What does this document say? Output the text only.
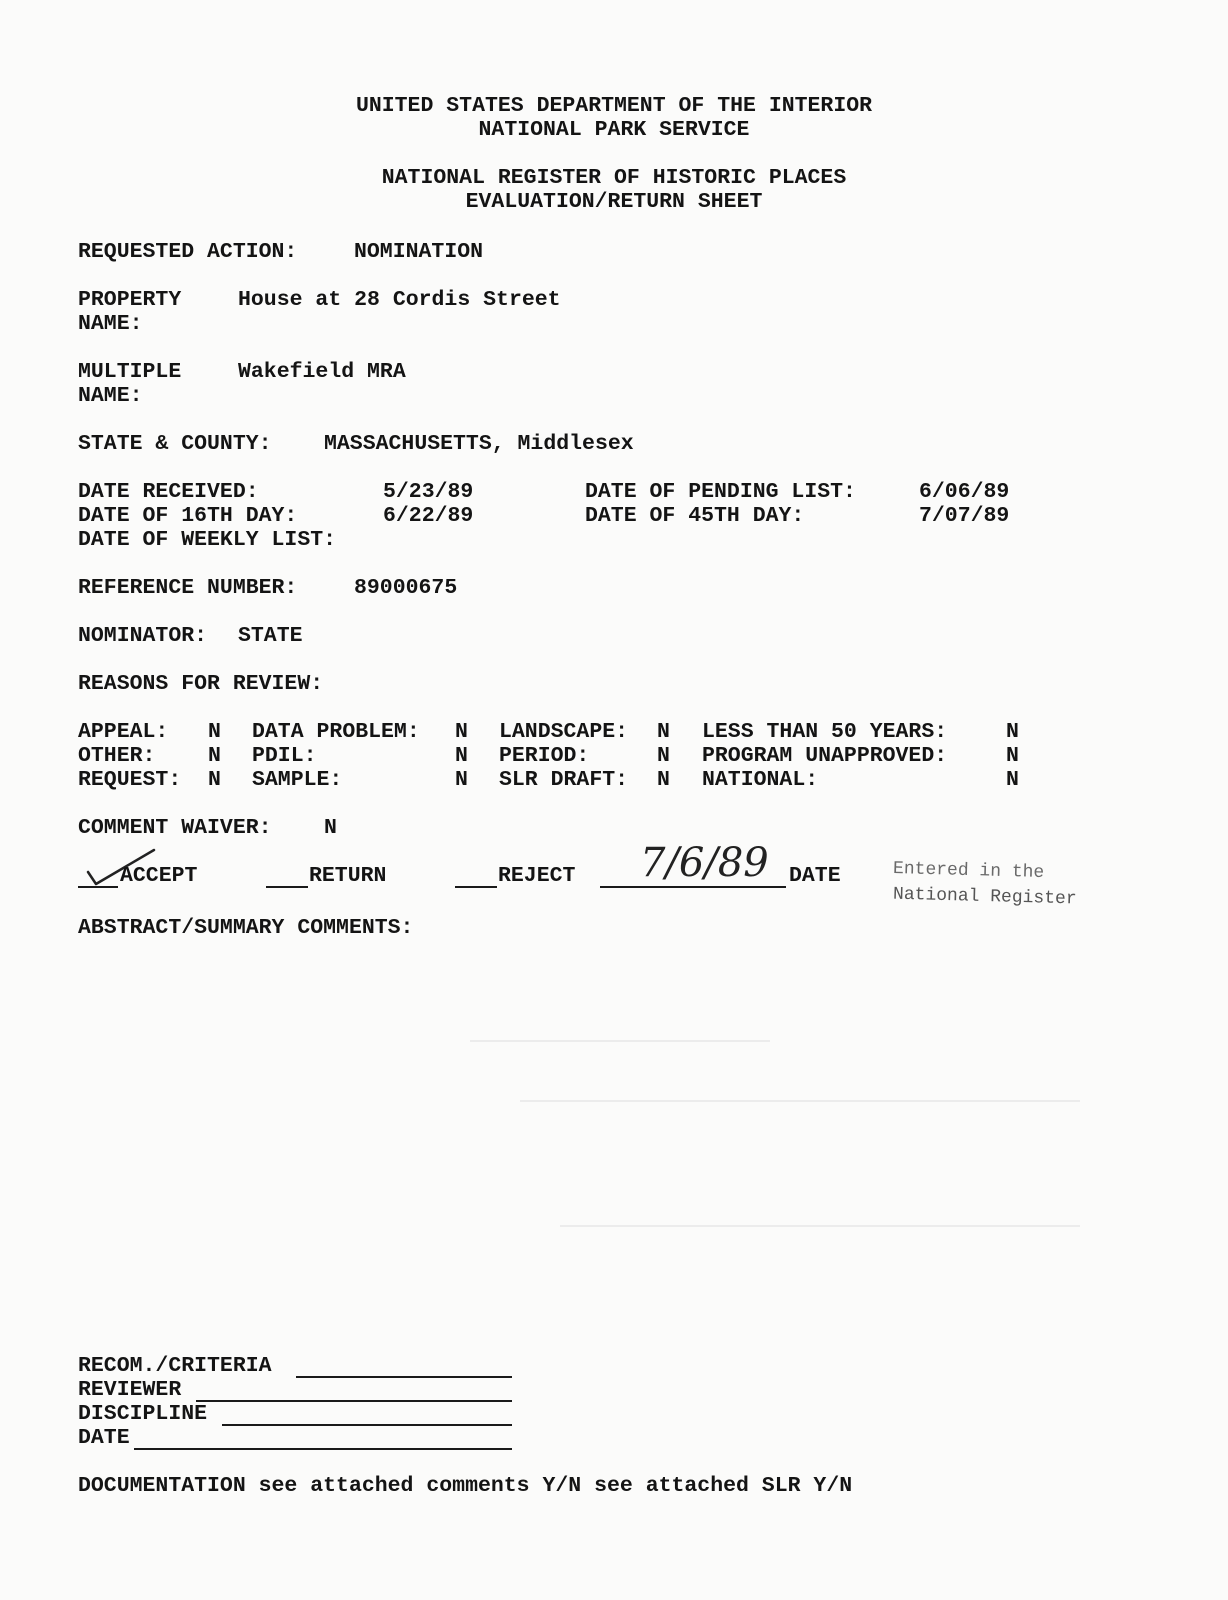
UNITED STATES DEPARTMENT OF THE INTERIOR
NATIONAL PARK SERVICE
NATIONAL REGISTER OF HISTORIC PLACES
EVALUATION/RETURN SHEET
REQUESTED ACTION:	NOMINATION
PROPERTY
NAME:
House at 28 Cordis Street
MULTIPLE
NAME:
Wakefield MRA
STATE & COUNTY: MASSACHUSETTS, Middlesex
DATE RECEIVED:	5/23/89	DATE OF PENDING LIST:	6/06/89
DATE OF 16TH DAY:	6/22/89	DATE OF 45TH DAY:	7/07/89
DATE OF WEEKLY LIST:
REFERENCE NUMBER:	89000675
NOMINATOR: STATE
REASONS FOR REVIEW:
APPEAL: N DATA PROBLEM: N LANDSCAPE: N LESS THAN 50 YEARS:	N
OTHER: N PDIL:	N PERIOD:	N PROGRAM UNAPPROVED:	N
REQUEST: N SAMPLE:	N SLR DRAFT: N NATIONAL:	N
COMMENT WAIVER: N
ACCEPT	RETURN	REJECT 7/6/89 DATE	Entered in the
National Register
ABSTRACT/SUMMARY COMMENTS:
RECOM./CRITERIA
REVIEWER
DISCIPLINE
DATE
DOCUMENTATION see attached comments Y/N see attached SLR Y/N
